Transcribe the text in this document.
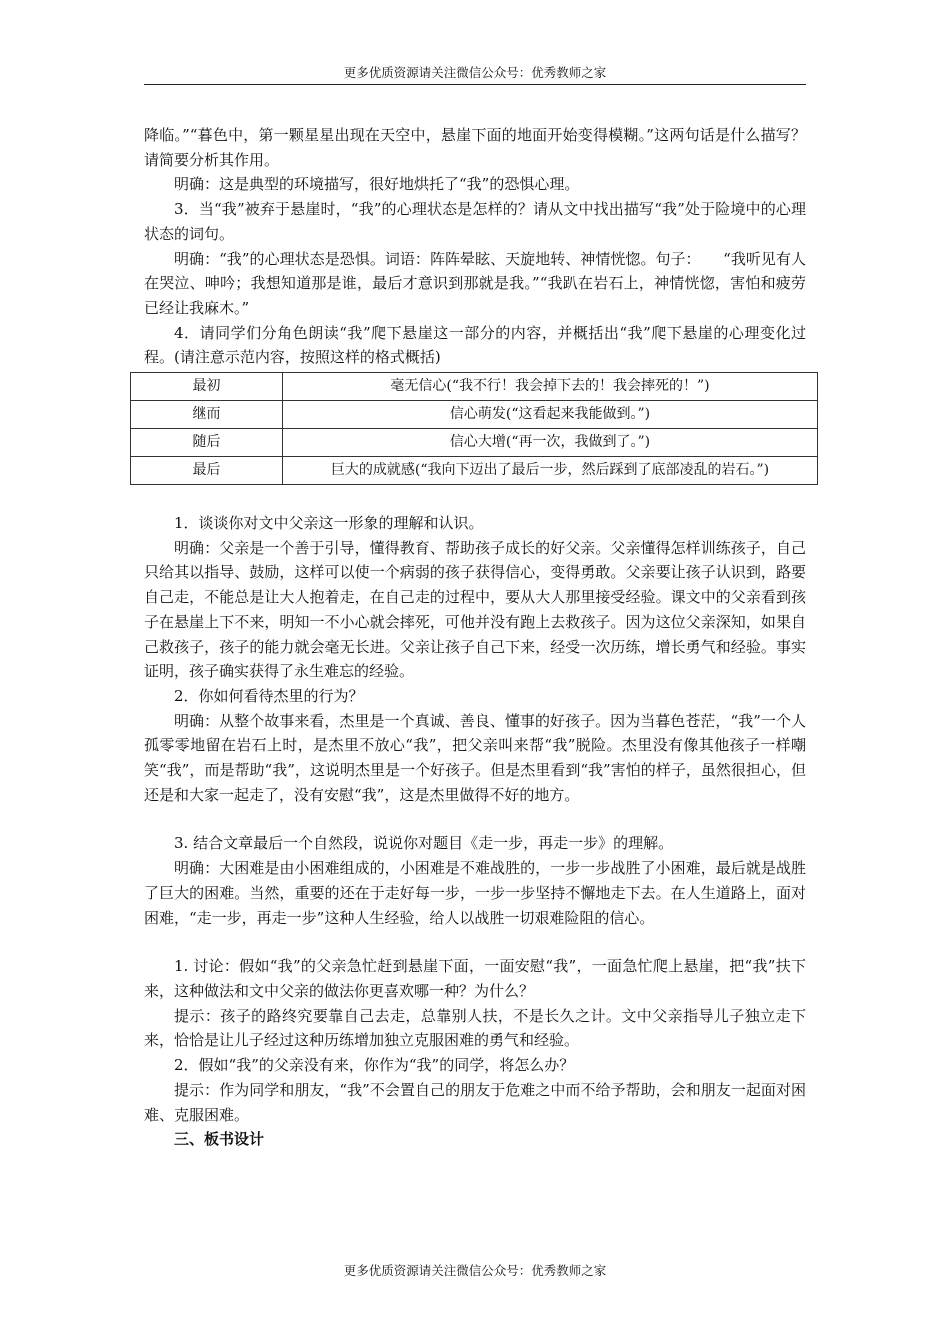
更多优质资源请关注微信公众号：优秀教师之家

降临。”“暮色中，第一颗星星出现在天空中，悬崖下面的地面开始变得模糊。”这两句话是什么描写？请简要分析其作用。

明确：这是典型的环境描写，很好地烘托了“我”的恐惧心理。

3．当“我”被弃于悬崖时，“我”的心理状态是怎样的？请从文中找出描写“我”处于险境中的心理状态的词句。

明确：“我”的心理状态是恐惧。词语：阵阵晕眩、天旋地转、神情恍惚。句子：　　“我听见有人在哭泣、呻吟；我想知道那是谁，最后才意识到那就是我。”“我趴在岩石上，神情恍惚，害怕和疲劳已经让我麻木。”

4．请同学们分角色朗读“我”爬下悬崖这一部分的内容，并概括出“我”爬下悬崖的心理变化过程。(请注意示范内容，按照这样的格式概括)

最初	毫无信心(“我不行！我会掉下去的！我会摔死的！”)
继而	信心萌发(“这看起来我能做到。”)
随后	信心大增(“再一次，我做到了。”)
最后	巨大的成就感(“我向下迈出了最后一步，然后踩到了底部凌乱的岩石。”)

1．谈谈你对文中父亲这一形象的理解和认识。

明确：父亲是一个善于引导，懂得教育、帮助孩子成长的好父亲。父亲懂得怎样训练孩子，自己只给其以指导、鼓励，这样可以使一个病弱的孩子获得信心，变得勇敢。父亲要让孩子认识到，路要自己走，不能总是让大人抱着走，在自己走的过程中，要从大人那里接受经验。课文中的父亲看到孩子在悬崖上下不来，明知一不小心就会摔死，可他并没有跑上去救孩子。因为这位父亲深知，如果自己救孩子，孩子的能力就会毫无长进。父亲让孩子自己下来，经受一次历练，增长勇气和经验。事实证明，孩子确实获得了永生难忘的经验。

2．你如何看待杰里的行为？

明确：从整个故事来看，杰里是一个真诚、善良、懂事的好孩子。因为当暮色苍茫，“我”一个人孤零零地留在岩石上时，是杰里不放心“我”，把父亲叫来帮“我”脱险。杰里没有像其他孩子一样嘲笑“我”，而是帮助“我”，这说明杰里是一个好孩子。但是杰里看到“我”害怕的样子，虽然很担心，但还是和大家一起走了，没有安慰“我”，这是杰里做得不好的地方。

3. 结合文章最后一个自然段，说说你对题目《走一步，再走一步》的理解。

明确：大困难是由小困难组成的，小困难是不难战胜的，一步一步战胜了小困难，最后就是战胜了巨大的困难。当然，重要的还在于走好每一步，一步一步坚持不懈地走下去。在人生道路上，面对困难，“走一步，再走一步”这种人生经验，给人以战胜一切艰难险阻的信心。

1. 讨论：假如“我”的父亲急忙赶到悬崖下面，一面安慰“我”，一面急忙爬上悬崖，把“我”扶下来，这种做法和文中父亲的做法你更喜欢哪一种？为什么？

提示：孩子的路终究要靠自己去走，总靠别人扶，不是长久之计。文中父亲指导儿子独立走下来，恰恰是让儿子经过这种历练增加独立克服困难的勇气和经验。

2．假如“我”的父亲没有来，你作为“我”的同学，将怎么办？

提示：作为同学和朋友，“我”不会置自己的朋友于危难之中而不给予帮助，会和朋友一起面对困难、克服困难。

三、板书设计

更多优质资源请关注微信公众号：优秀教师之家
